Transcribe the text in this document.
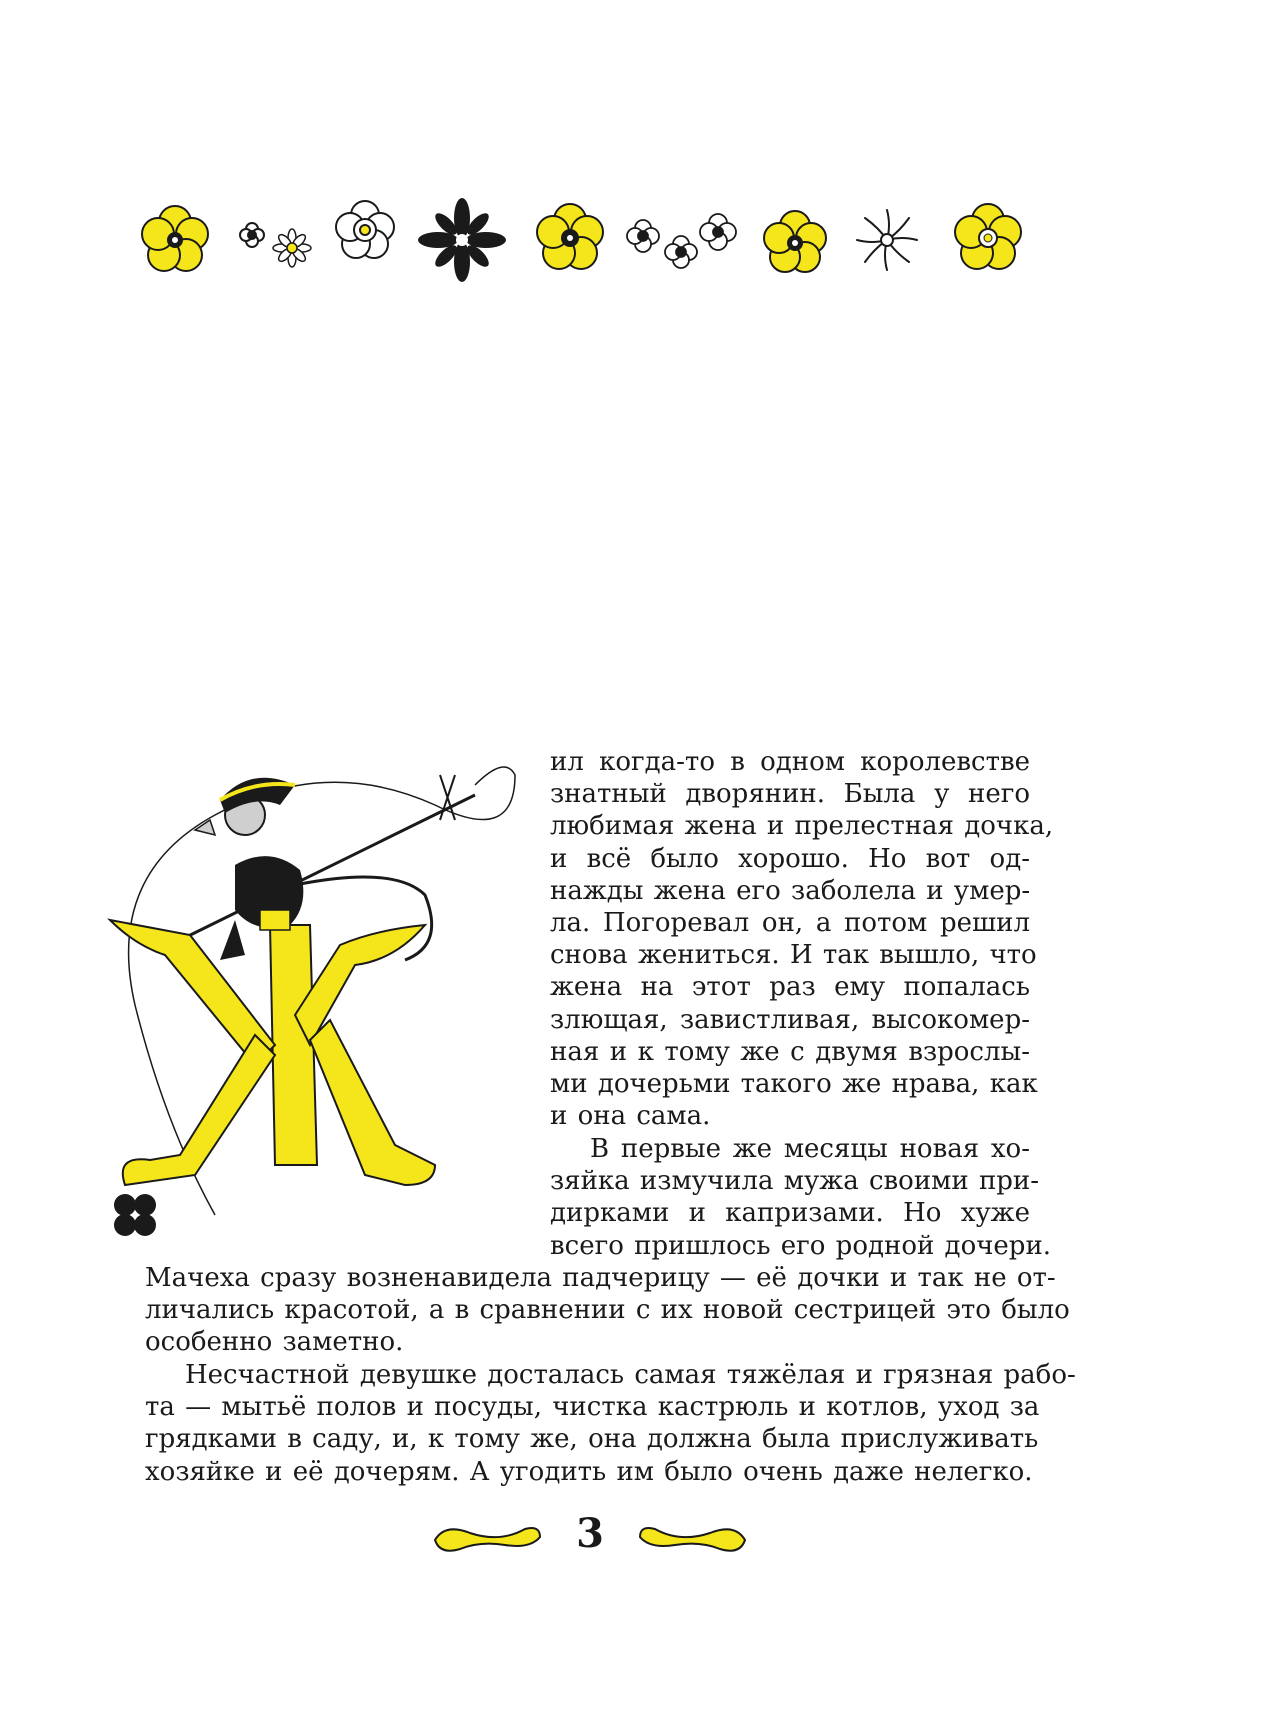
ил когда-то в одном королевстве
знатный дворянин. Была у него
любимая жена и прелестная дочка,
и всё было хорошо. Но вот од-
нажды жена его заболела и умер-
ла. Погоревал он, а потом решил
снова жениться. И так вышло, что
жена на этот раз ему попалась
злющая, завистливая, высокомер-
ная и к тому же с двумя взрослы-
ми дочерьми такого же нрава, как
и она сама.

В первые же месяцы новая хо-
зяйка измучила мужа своими при-
дирками и капризами. Но хуже
всего пришлось его родной дочери.

Мачеха сразу возненавидела падчерицу — её дочки и так не от-
личались красотой, а в сравнении с их новой сестрицей это было
особенно заметно.

Несчастной девушке досталась самая тяжёлая и грязная рабо-
та — мытьё полов и посуды, чистка кастрюль и котлов, уход за
грядками в саду, и, к тому же, она должна была прислуживать
хозяйке и её дочерям. А угодить им было очень даже нелегко.

3
